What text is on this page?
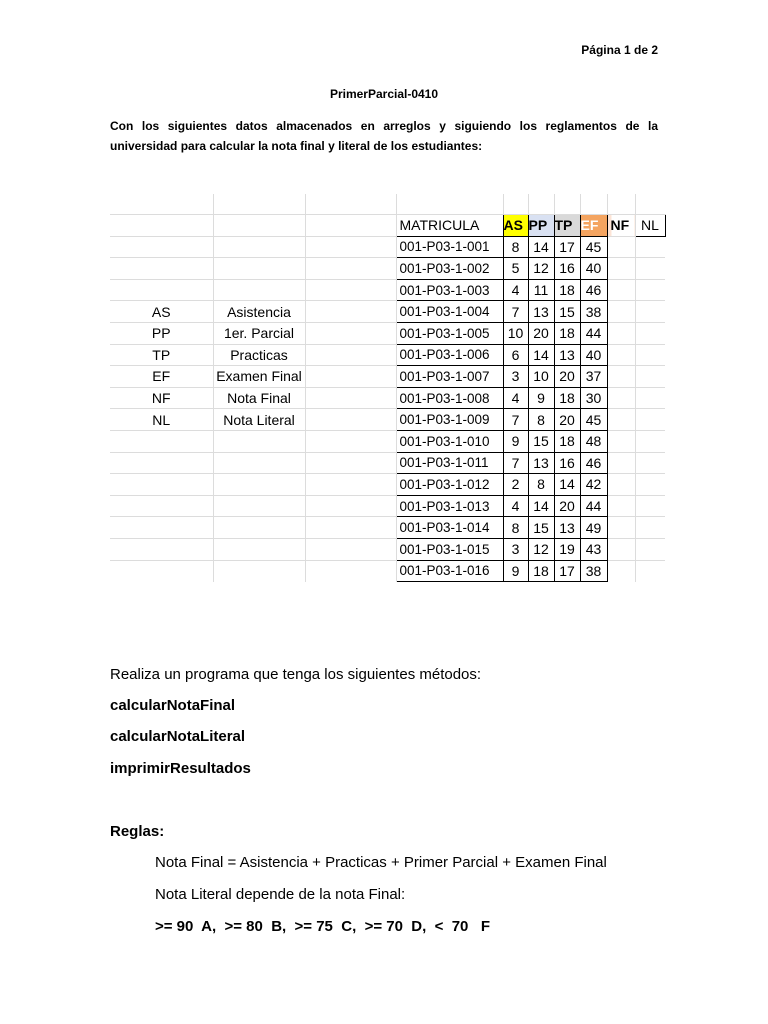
Página 1 de 2
PrimerParcial-0410
Con los siguientes datos almacenados en arreglos y siguiendo los reglamentos de la universidad para calcular la nota final y literal de los estudiantes:

			MATRICULA	AS	PP	TP	EF	NF	NL
			001-P03-1-001	8	14	17	45		
			001-P03-1-002	5	12	16	40		
			001-P03-1-003	4	11	18	46		
AS	Asistencia		001-P03-1-004	7	13	15	38		
PP	1er. Parcial		001-P03-1-005	10	20	18	44		
TP	Practicas		001-P03-1-006	6	14	13	40		
EF	Examen Final		001-P03-1-007	3	10	20	37		
NF	Nota Final		001-P03-1-008	4	9	18	30		
NL	Nota Literal		001-P03-1-009	7	8	20	45		
			001-P03-1-010	9	15	18	48		
			001-P03-1-011	7	13	16	46		
			001-P03-1-012	2	8	14	42		
			001-P03-1-013	4	14	20	44		
			001-P03-1-014	8	15	13	49		
			001-P03-1-015	3	12	19	43		
			001-P03-1-016	9	18	17	38		
Realiza un programa que tenga los siguientes métodos:
calcularNotaFinal
calcularNotaLiteral
imprimirResultados
Reglas:
Nota Final = Asistencia + Practicas + Primer Parcial + Examen Final
Nota Literal depende de la nota Final:
>= 90  A,  >= 80  B,  >= 75  C,  >= 70  D,  <  70   F
